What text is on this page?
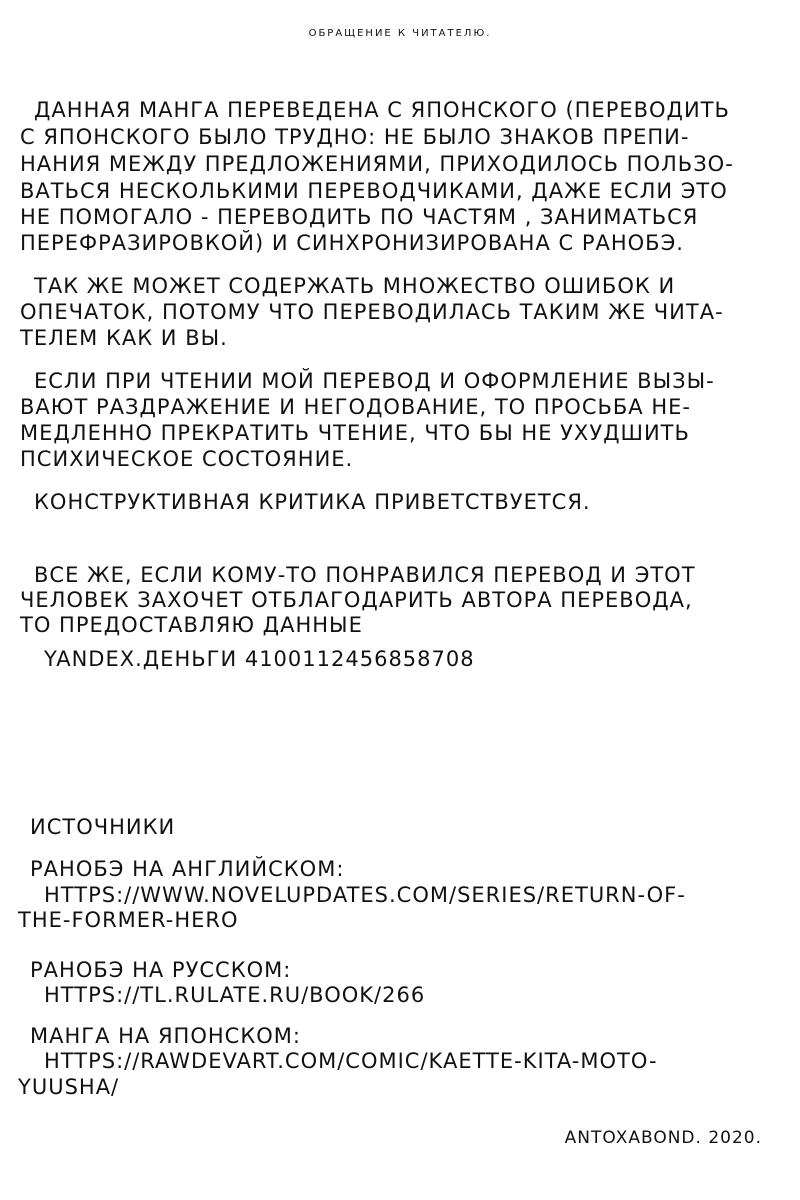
ОБРАЩЕНИЕ К ЧИТАТЕЛЮ.

ДАННАЯ МАНГА ПЕРЕВЕДЕНА С ЯПОНСКОГО (ПЕРЕВОДИТЬ

С ЯПОНСКОГО БЫЛО ТРУДНО: НЕ БЫЛО ЗНАКОВ ПРЕПИ-

НАНИЯ МЕЖДУ ПРЕДЛОЖЕНИЯМИ, ПРИХОДИЛОСЬ ПОЛЬЗО-

ВАТЬСЯ НЕСКОЛЬКИМИ ПЕРЕВОДЧИКАМИ, ДАЖЕ ЕСЛИ ЭТО

НЕ ПОМОГАЛО - ПЕРЕВОДИТЬ ПО ЧАСТЯМ , ЗАНИМАТЬСЯ

ПЕРЕФРАЗИРОВКОЙ) И СИНХРОНИЗИРОВАНА С РАНОБЭ.

ТАК ЖЕ МОЖЕТ СОДЕРЖАТЬ МНОЖЕСТВО ОШИБОК И

ОПЕЧАТОК, ПОТОМУ ЧТО ПЕРЕВОДИЛАСЬ ТАКИМ ЖЕ ЧИТА-

ТЕЛЕМ КАК И ВЫ.

ЕСЛИ ПРИ ЧТЕНИИ МОЙ ПЕРЕВОД И ОФОРМЛЕНИЕ ВЫЗЫ-

ВАЮТ РАЗДРАЖЕНИЕ И НЕГОДОВАНИЕ, ТО ПРОСЬБА НЕ-

МЕДЛЕННО ПРЕКРАТИТЬ ЧТЕНИЕ, ЧТО БЫ НЕ УХУДШИТЬ

ПСИХИЧЕСКОЕ СОСТОЯНИЕ.

КОНСТРУКТИВНАЯ КРИТИКА ПРИВЕТСТВУЕТСЯ.

ВСЕ ЖЕ, ЕСЛИ КОМУ-ТО ПОНРАВИЛСЯ ПЕРЕВОД И ЭТОТ

ЧЕЛОВЕК ЗАХОЧЕТ ОТБЛАГОДАРИТЬ АВТОРА ПЕРЕВОДА,

ТО ПРЕДОСТАВЛЯЮ ДАННЫЕ

YANDEX.ДЕНЬГИ 4100112456858708

ИСТОЧНИКИ

РАНОБЭ НА АНГЛИЙСКОМ:

HTTPS://WWW.NOVELUPDATES.COM/SERIES/RETURN-OF-

THE-FORMER-HERO

РАНОБЭ НА РУССКОМ:

HTTPS://TL.RULATE.RU/BOOK/266

МАНГА НА ЯПОНСКОМ:

HTTPS://RAWDEVART.COM/COMIC/KAETTE-KITA-MOTO-

YUUSHA/

ANTOXABOND. 2020.
